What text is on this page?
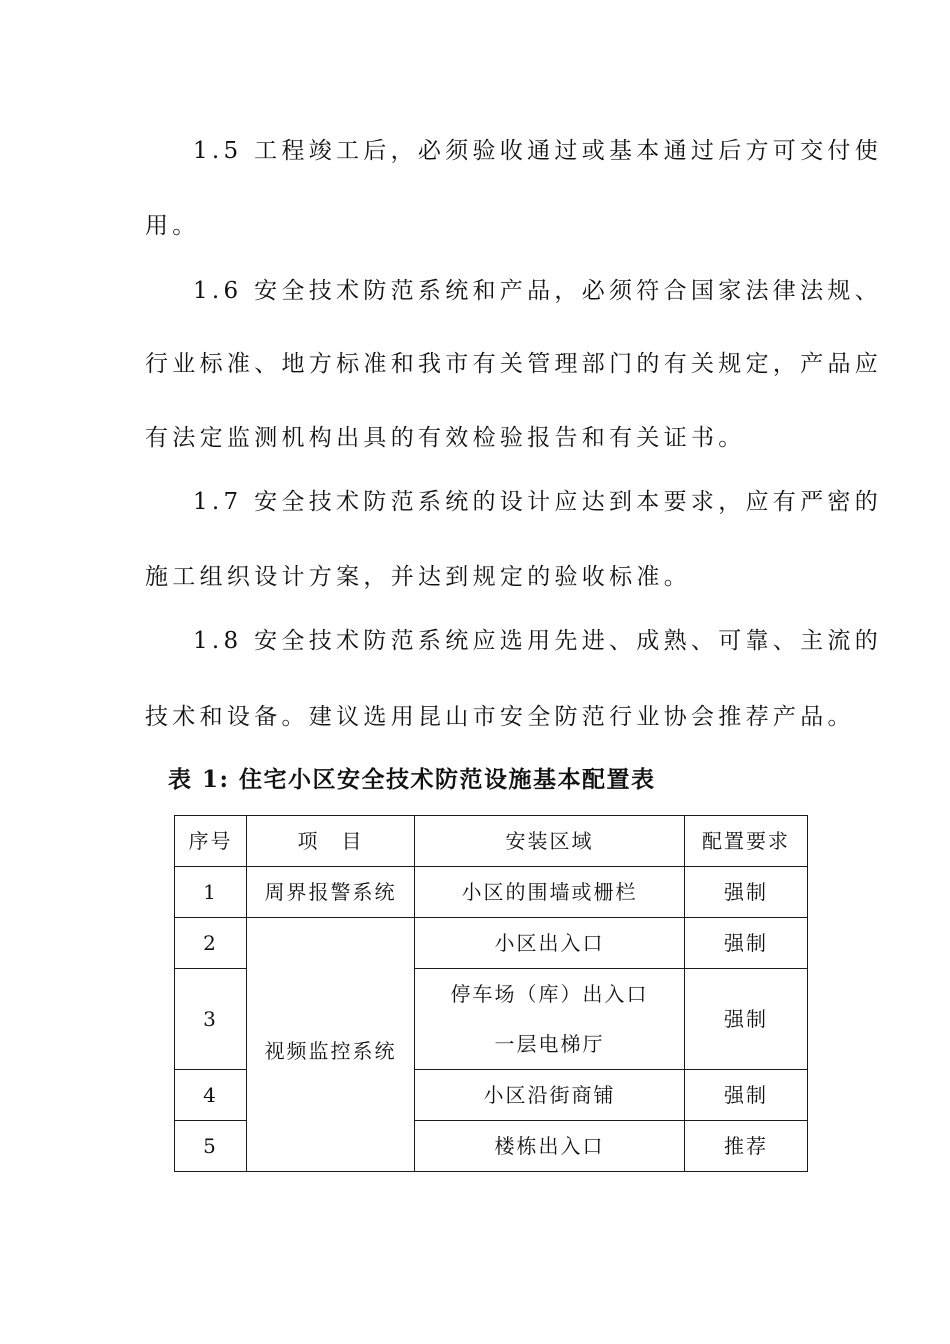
1.5 工程竣工后，必须验收通过或基本通过后方可交付使
用。
1.6 安全技术防范系统和产品，必须符合国家法律法规、
行业标准、地方标准和我市有关管理部门的有关规定，产品应
有法定监测机构出具的有效检验报告和有关证书。
1.7 安全技术防范系统的设计应达到本要求，应有严密的
施工组织设计方案，并达到规定的验收标准。
1.8 安全技术防范系统应选用先进、成熟、可靠、主流的
技术和设备。建议选用昆山市安全防范行业协会推荐产品。
表 1: 住宅小区安全技术防范设施基本配置表
序号	项　目	安装区域	配置要求
1	周界报警系统	小区的围墙或栅栏	强制
2	视频监控系统	小区出入口	强制
3		停车场（库）出入口
一层电梯厅	强制
4		小区沿街商铺	强制
5		楼栋出入口	推荐
